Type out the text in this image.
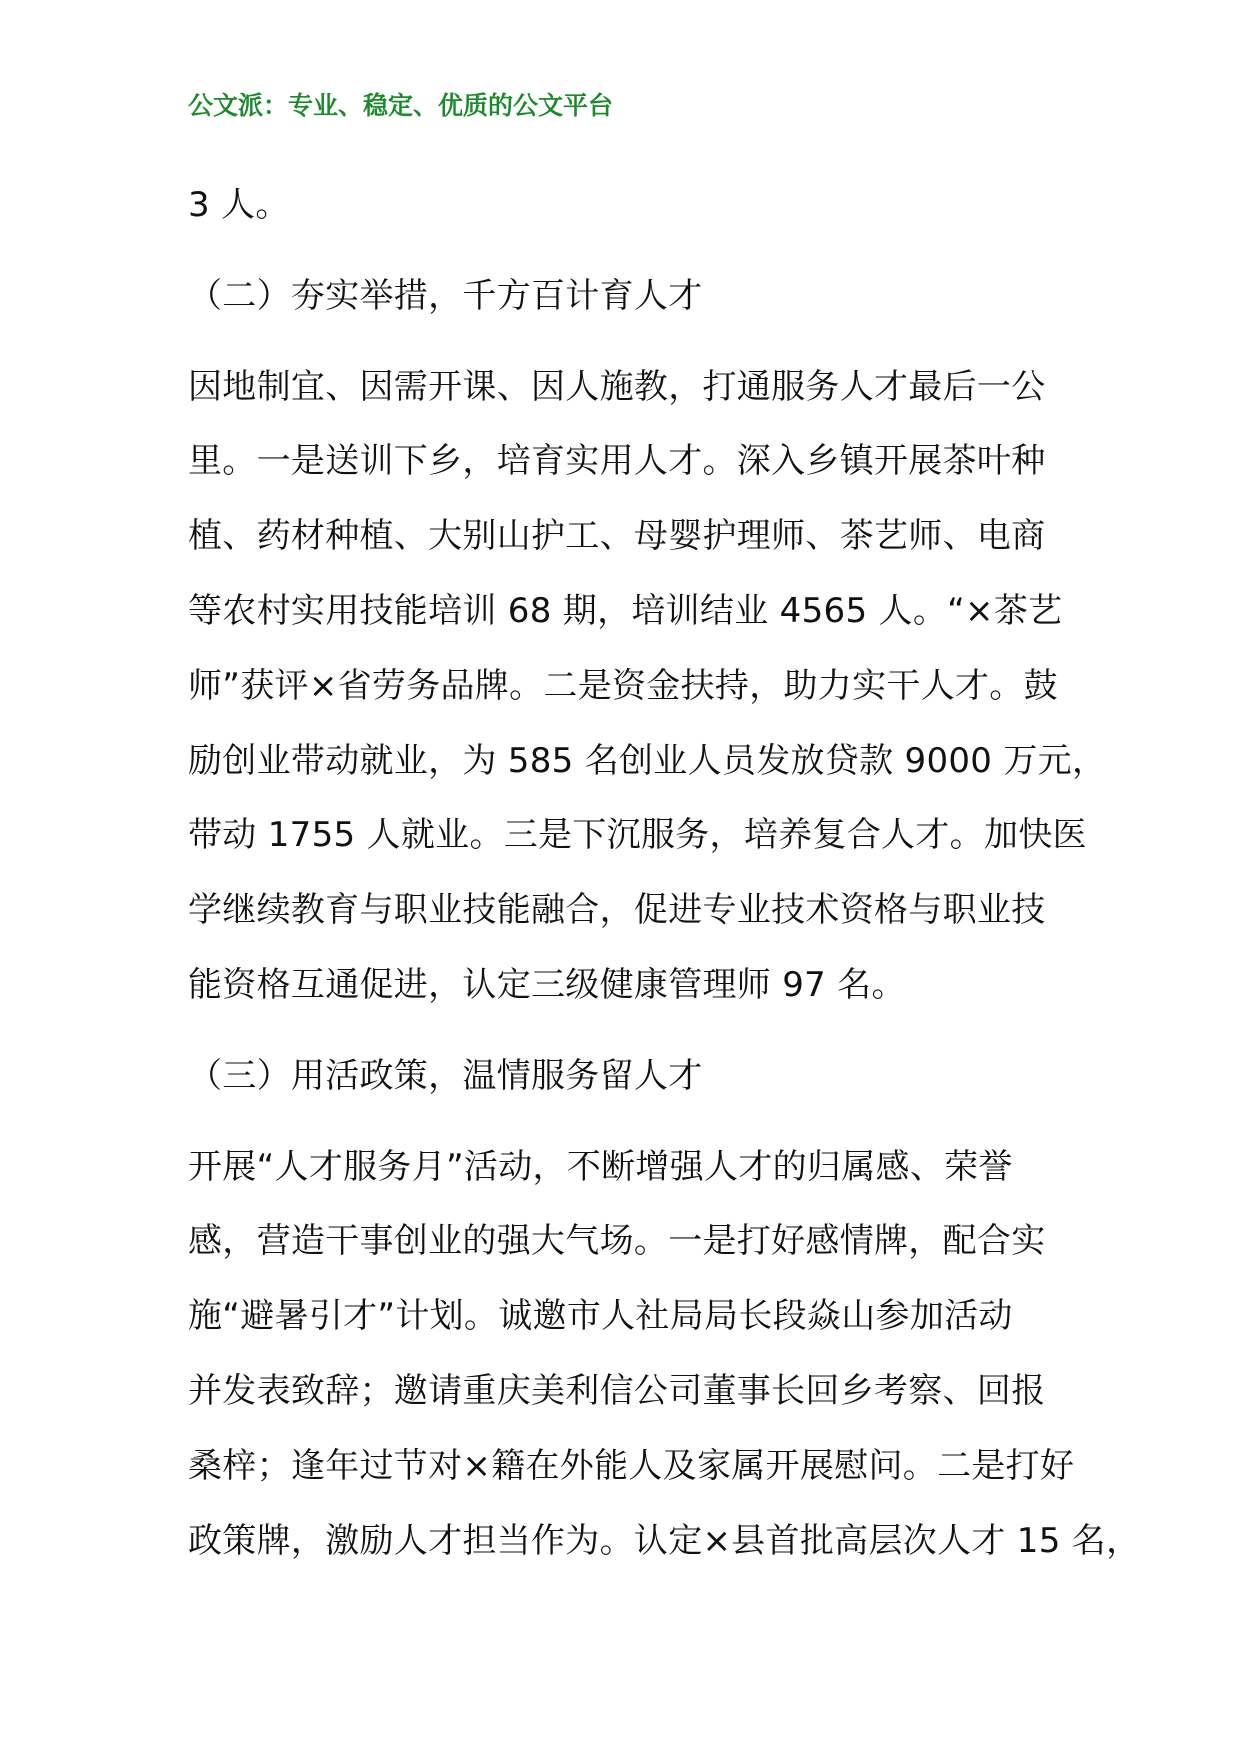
公文派：专业、稳定、优质的公文平台
3 人。
（二）夯实举措，千方百计育人才
因地制宜、因需开课、因人施教，打通服务人才最后一公
里。一是送训下乡，培育实用人才。深入乡镇开展茶叶种
植、药材种植、大别山护工、母婴护理师、茶艺师、电商
等农村实用技能培训 68 期，培训结业 4565 人。“×茶艺
师”获评×省劳务品牌。二是资金扶持，助力实干人才。鼓
励创业带动就业，为 585 名创业人员发放贷款 9000 万元，
带动 1755 人就业。三是下沉服务，培养复合人才。加快医
学继续教育与职业技能融合，促进专业技术资格与职业技
能资格互通促进，认定三级健康管理师 97 名。
（三）用活政策，温情服务留人才
开展“人才服务月”活动，不断增强人才的归属感、荣誉
感，营造干事创业的强大气场。一是打好感情牌，配合实
施“避暑引才”计划。诚邀市人社局局长段焱山参加活动
并发表致辞；邀请重庆美利信公司董事长回乡考察、回报
桑梓；逢年过节对×籍在外能人及家属开展慰问。二是打好
政策牌，激励人才担当作为。认定×县首批高层次人才 15 名，
